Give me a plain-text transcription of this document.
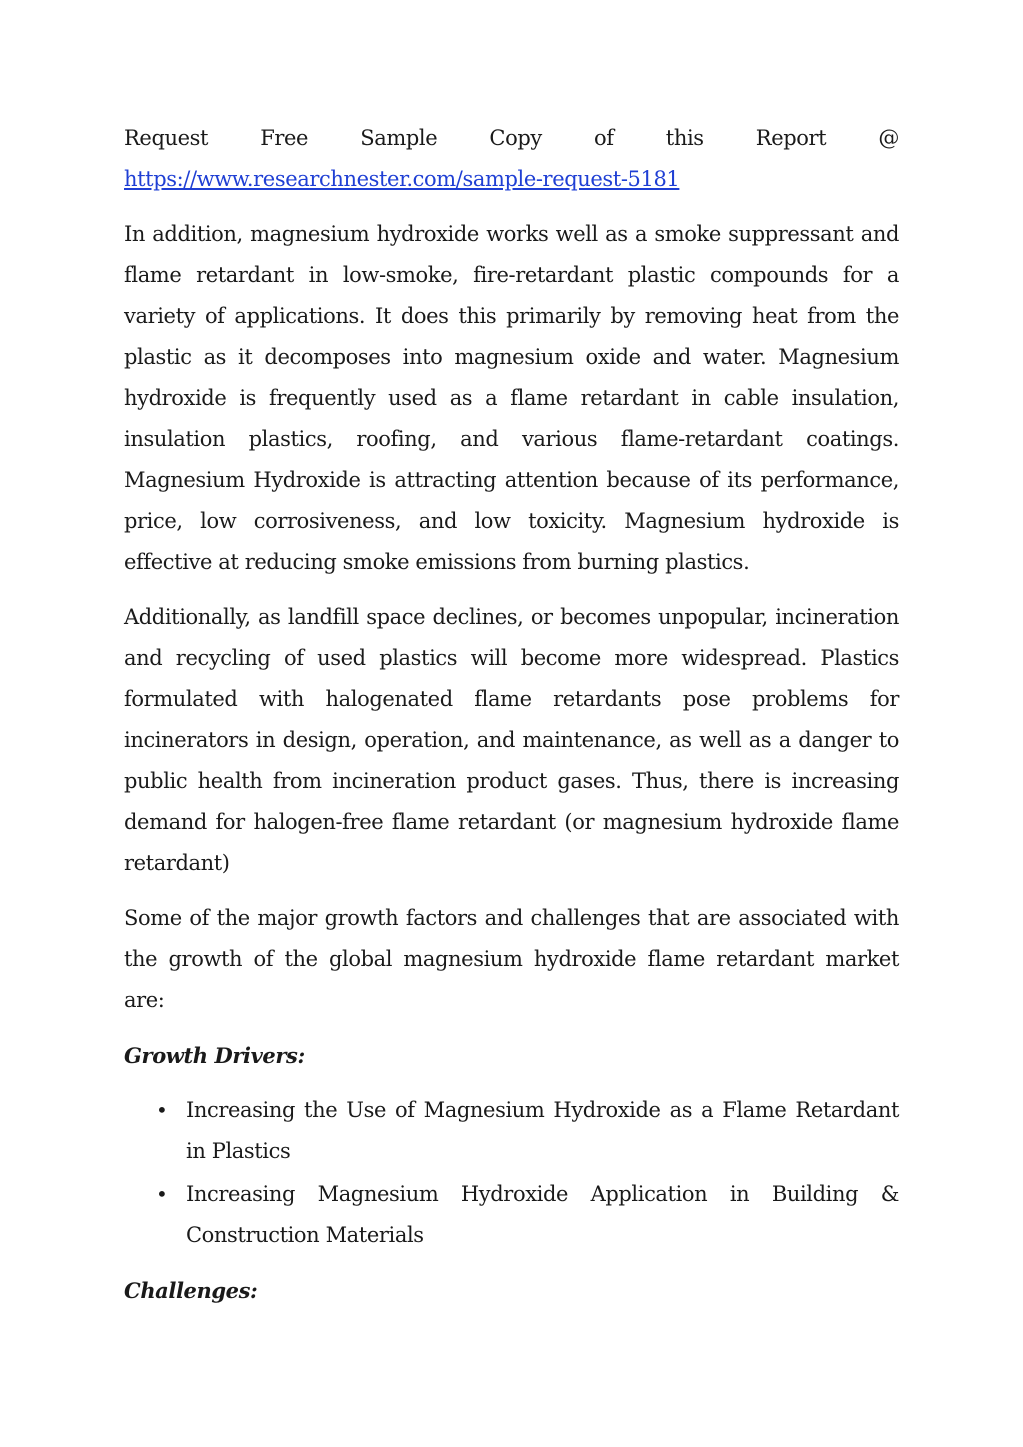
Request Free Sample Copy of this Report @
https://www.researchnester.com/sample-request-5181

In addition, magnesium hydroxide works well as a smoke suppressant and flame retardant in low-smoke, fire-retardant plastic compounds for a variety of applications. It does this primarily by removing heat from the plastic as it decomposes into magnesium oxide and water. Magnesium hydroxide is frequently used as a flame retardant in cable insulation, insulation plastics, roofing, and various flame-retardant coatings. Magnesium Hydroxide is attracting attention because of its performance, price, low corrosiveness, and low toxicity. Magnesium hydroxide is effective at reducing smoke emissions from burning plastics.

Additionally, as landfill space declines, or becomes unpopular, incineration and recycling of used plastics will become more widespread. Plastics formulated with halogenated flame retardants pose problems for incinerators in design, operation, and maintenance, as well as a danger to public health from incineration product gases. Thus, there is increasing demand for halogen-free flame retardant (or magnesium hydroxide flame retardant)

Some of the major growth factors and challenges that are associated with the growth of the global magnesium hydroxide flame retardant market are:

Growth Drivers:
• Increasing the Use of Magnesium Hydroxide as a Flame Retardant in Plastics
• Increasing Magnesium Hydroxide Application in Building & Construction Materials
Challenges:
